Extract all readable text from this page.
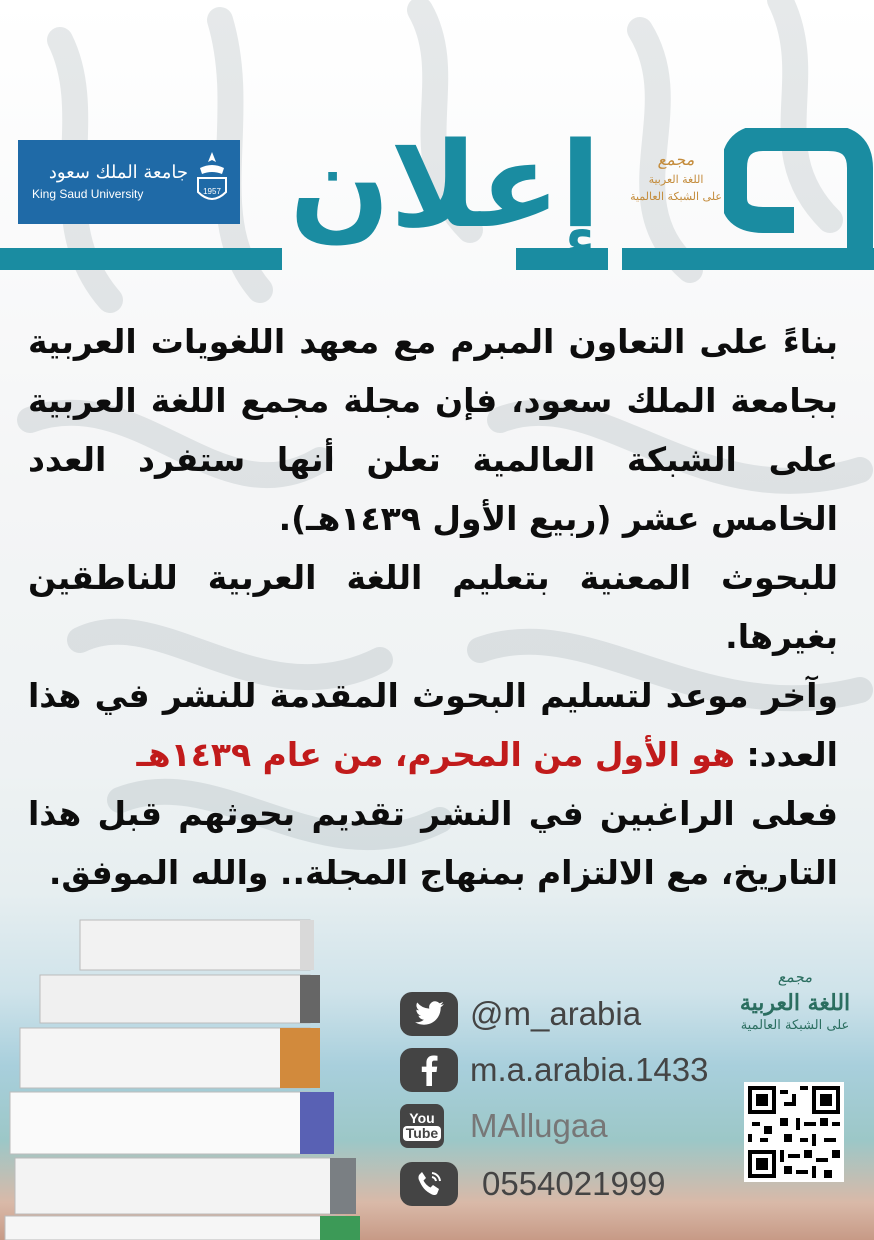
جامعة الملك سعود
King Saud University	1957 إعلان	مجمع
اللغة العربية
على الشبكة العالمية

بناءً على التعاون المبرم مع معهد اللغويات العربية بجامعة الملك سعود، فإن مجلة مجمع اللغة العربية على الشبكة العالمية تعلن أنها ستفرد العدد الخامس عشر (ربيع الأول ١٤٣٩هـ).

للبحوث المعنية بتعليم اللغة العربية للناطقين بغيرها.

وآخر موعد لتسليم البحوث المقدمة للنشر في هذا العدد: هو الأول من المحرم، من عام ١٤٣٩هـ

فعلى الراغبين في النشر تقديم بحوثهم قبل هذا التاريخ، مع الالتزام بمنهاج المجلة.. والله الموفق.

@m_arabia
m.a.arabia.1433
You
Tube MAllugaa
0554021999
مجمع
اللغة العربية
على الشبكة العالمية
